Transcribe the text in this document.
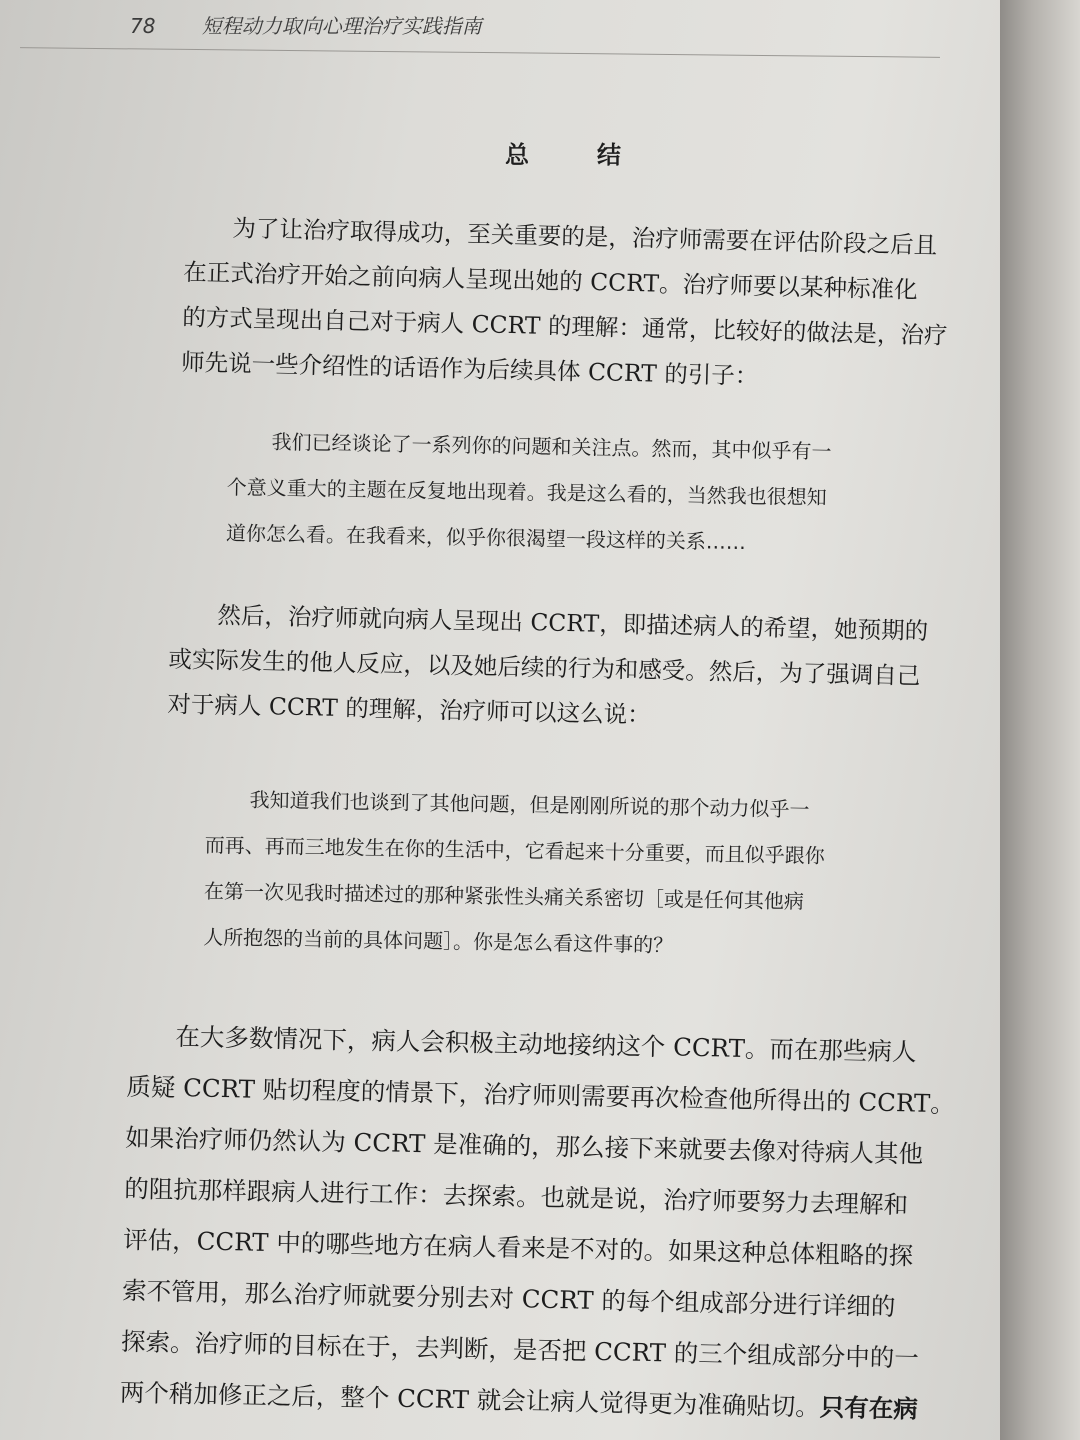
78 短程动力取向心理治疗实践指南
总结
为了让治疗取得成功，至关重要的是，治疗师需要在评估阶段之后且
在正式治疗开始之前向病人呈现出她的 CCRT。治疗师要以某种标准化
的方式呈现出自己对于病人 CCRT 的理解：通常，比较好的做法是，治疗
师先说一些介绍性的话语作为后续具体 CCRT 的引子：
我们已经谈论了一系列你的问题和关注点。然而，其中似乎有一
个意义重大的主题在反复地出现着。我是这么看的，当然我也很想知
道你怎么看。在我看来，似乎你很渴望一段这样的关系……
然后，治疗师就向病人呈现出 CCRT，即描述病人的希望，她预期的
或实际发生的他人反应，以及她后续的行为和感受。然后，为了强调自己
对于病人 CCRT 的理解，治疗师可以这么说：
我知道我们也谈到了其他问题，但是刚刚所说的那个动力似乎一
而再、再而三地发生在你的生活中，它看起来十分重要，而且似乎跟你
在第一次见我时描述过的那种紧张性头痛关系密切［或是任何其他病
人所抱怨的当前的具体问题］。你是怎么看这件事的？
在大多数情况下，病人会积极主动地接纳这个 CCRT。而在那些病人
质疑 CCRT 贴切程度的情景下，治疗师则需要再次检查他所得出的 CCRT。
如果治疗师仍然认为 CCRT 是准确的，那么接下来就要去像对待病人其他
的阻抗那样跟病人进行工作：去探索。也就是说，治疗师要努力去理解和
评估，CCRT 中的哪些地方在病人看来是不对的。如果这种总体粗略的探
索不管用，那么治疗师就要分别去对 CCRT 的每个组成部分进行详细的
探索。治疗师的目标在于，去判断，是否把 CCRT 的三个组成部分中的一
两个稍加修正之后，整个 CCRT 就会让病人觉得更为准确贴切。只有在病
